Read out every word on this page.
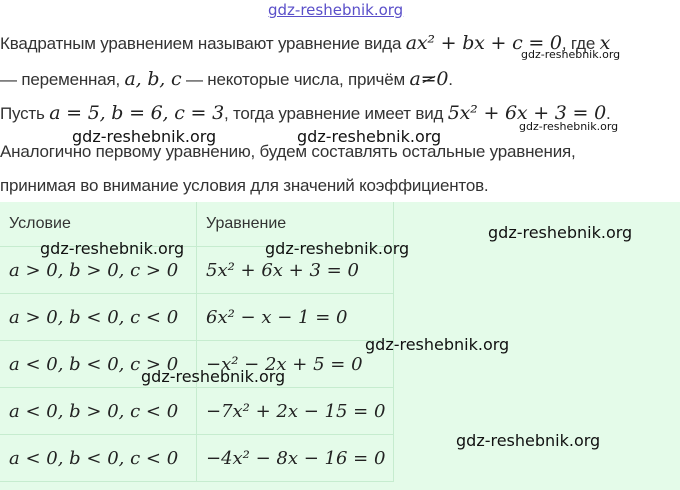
gdz-reshebnik.org
Квадратным уравнением называют уравнение вида ax² + bx + c = 0, где x
— переменная, a, b, c — некоторые числа, причём a=0.
Пусть a = 5, b = 6, c = 3, тогда уравнение имеет вид 5x² + 6x + 3 = 0.
Аналогично первому уравнению, будем составлять остальные уравнения,
принимая во внимание условия для значений коэффициентов.
Условие	Уравнение
a > 0, b > 0, c > 0	5x² + 6x + 3 = 0
a > 0, b < 0, c < 0	6x² − x − 1 = 0
a < 0, b < 0, c > 0	−x² − 2x + 5 = 0
a < 0, b > 0, c < 0	−7x² + 2x − 15 = 0
a < 0, b < 0, c < 0	−4x² − 8x − 16 = 0
gdz-reshebnik.org
gdz-reshebnik.org
gdz-reshebnik.org	gdz-reshebnik.org
gdz-reshebnik.org
gdz-reshebnik.org	gdz-reshebnik.org
gdz-reshebnik.org
gdz-reshebnik.org
gdz-reshebnik.org
